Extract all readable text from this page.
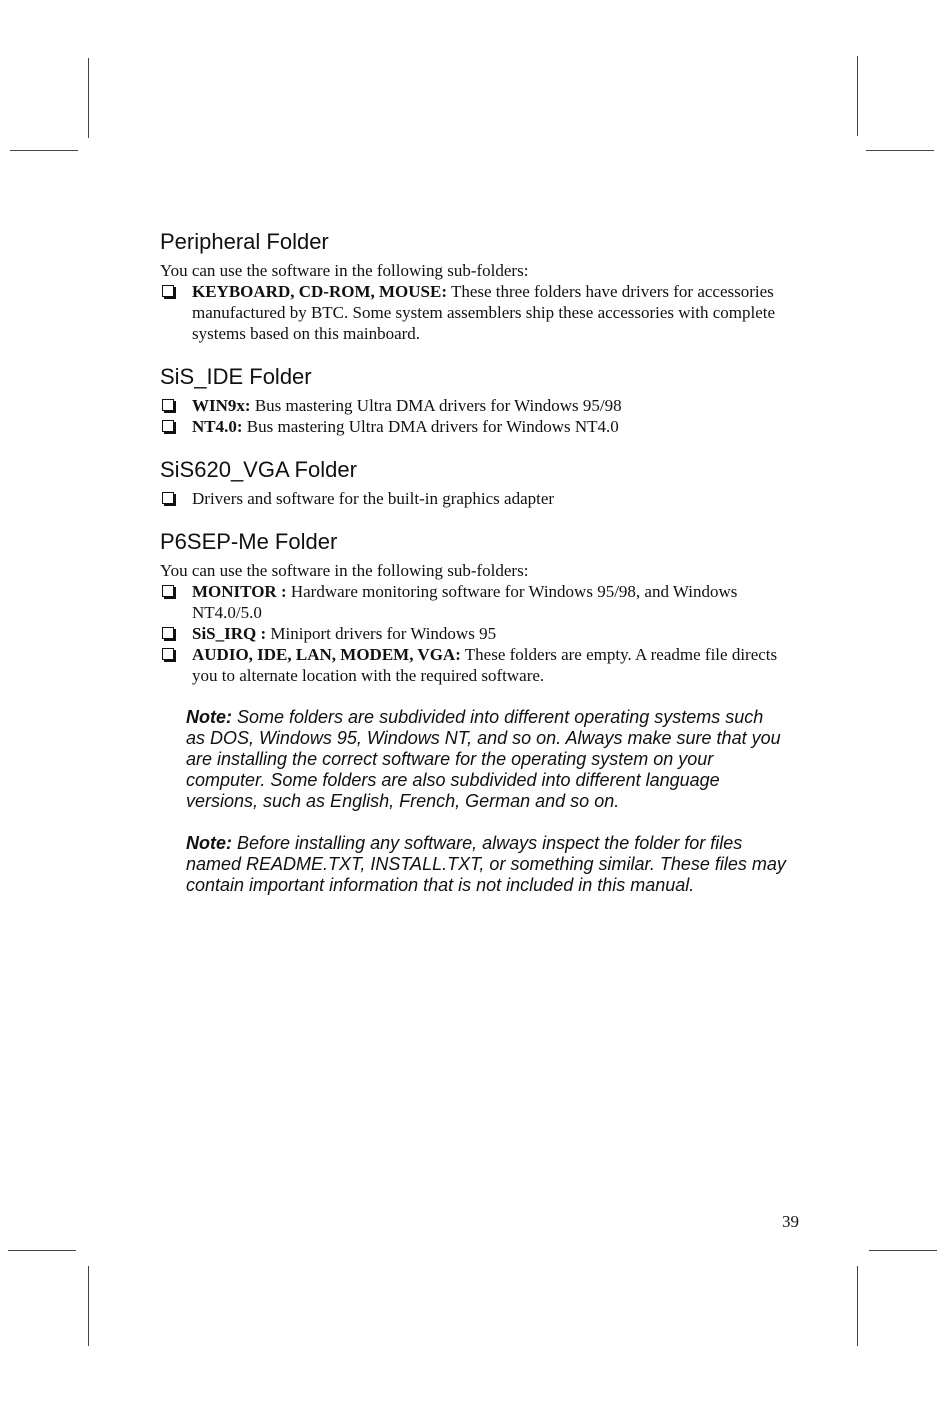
Peripheral Folder

You can use the software in the following sub-folders:

KEYBOARD, CD-ROM, MOUSE: These three folders have drivers for accessories manufactured by BTC. Some system assemblers ship these accessories with complete systems based on this mainboard.
SiS_IDE Folder
WIN9x: Bus mastering Ultra DMA drivers for Windows 95/98
NT4.0: Bus mastering Ultra DMA drivers for Windows NT4.0
SiS620_VGA Folder
Drivers and software for the built-in graphics adapter
P6SEP-Me Folder

You can use the software in the following sub-folders:

MONITOR : Hardware monitoring software for Windows 95/98, and Windows NT4.0/5.0
SiS_IRQ : Miniport drivers for Windows 95
AUDIO, IDE, LAN, MODEM, VGA: These folders are empty. A readme file directs you to alternate location with the required software.

Note: Some folders are subdivided into different operating systems such as DOS, Windows 95, Windows NT, and so on. Always make sure that you are installing the correct software for the operating system on your computer. Some folders are also subdivided into different language versions, such as English, French, German and so on.

Note: Before installing any software, always inspect the folder for files named README.TXT, INSTALL.TXT, or something similar. These files may contain important information that is not included in this manual.

39
